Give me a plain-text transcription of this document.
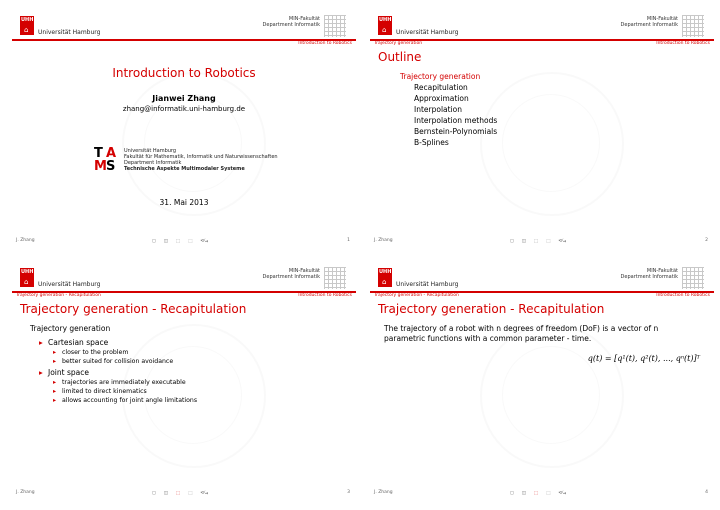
UHH
⌂ Universität Hamburg
MIN-Fakultät
Department Informatik
Introduction to Robotics
Introduction to Robotics
Jianwei Zhang
zhang@informatik.uni-hamburg.de
T A
M S
Universität Hamburg
Fakultät für Mathematik, Informatik und Naturwissenschaften
Department Informatik
Technische Aspekte Multimodaler Systeme
31. Mai 2013
J. Zhang	◻ ◫ ⬚ ⬚ ⟲⤿	1
UHH
⌂ Universität Hamburg
MIN-Fakultät
Department Informatik
Trajectory generation	Introduction to Robotics
Outline
Trajectory generation
Recapitulation
Approximation
Interpolation
Interpolation methods
Bernstein-Polynomials
B-Splines
J. Zhang	◻ ◫ ⬚ ⬚ ⟲⤿	2
UHH
⌂ Universität Hamburg
MIN-Fakultät
Department Informatik
Trajectory generation - Recapitulation	Introduction to Robotics
Trajectory generation - Recapitulation
Trajectory generation
▸ Cartesian space
▸ closer to the problem
▸ better suited for collision avoidance
▸ Joint space
▸ trajectories are immediately executable
▸ limited to direct kinematics
▸ allows accounting for joint angle limitations
J. Zhang	◻ ◫ ⬚ ⬚ ⟲⤿	3
UHH
⌂ Universität Hamburg
MIN-Fakultät
Department Informatik
Trajectory generation - Recapitulation	Introduction to Robotics
Trajectory generation - Recapitulation
The trajectory of a robot with n degrees of freedom (DoF) is a vector of n parametric functions with a common parameter - time.
q(t) = [q¹(t), q²(t), ..., qⁿ(t)]ᵀ
J. Zhang	◻ ◫ ⬚ ⬚ ⟲⤿	4
